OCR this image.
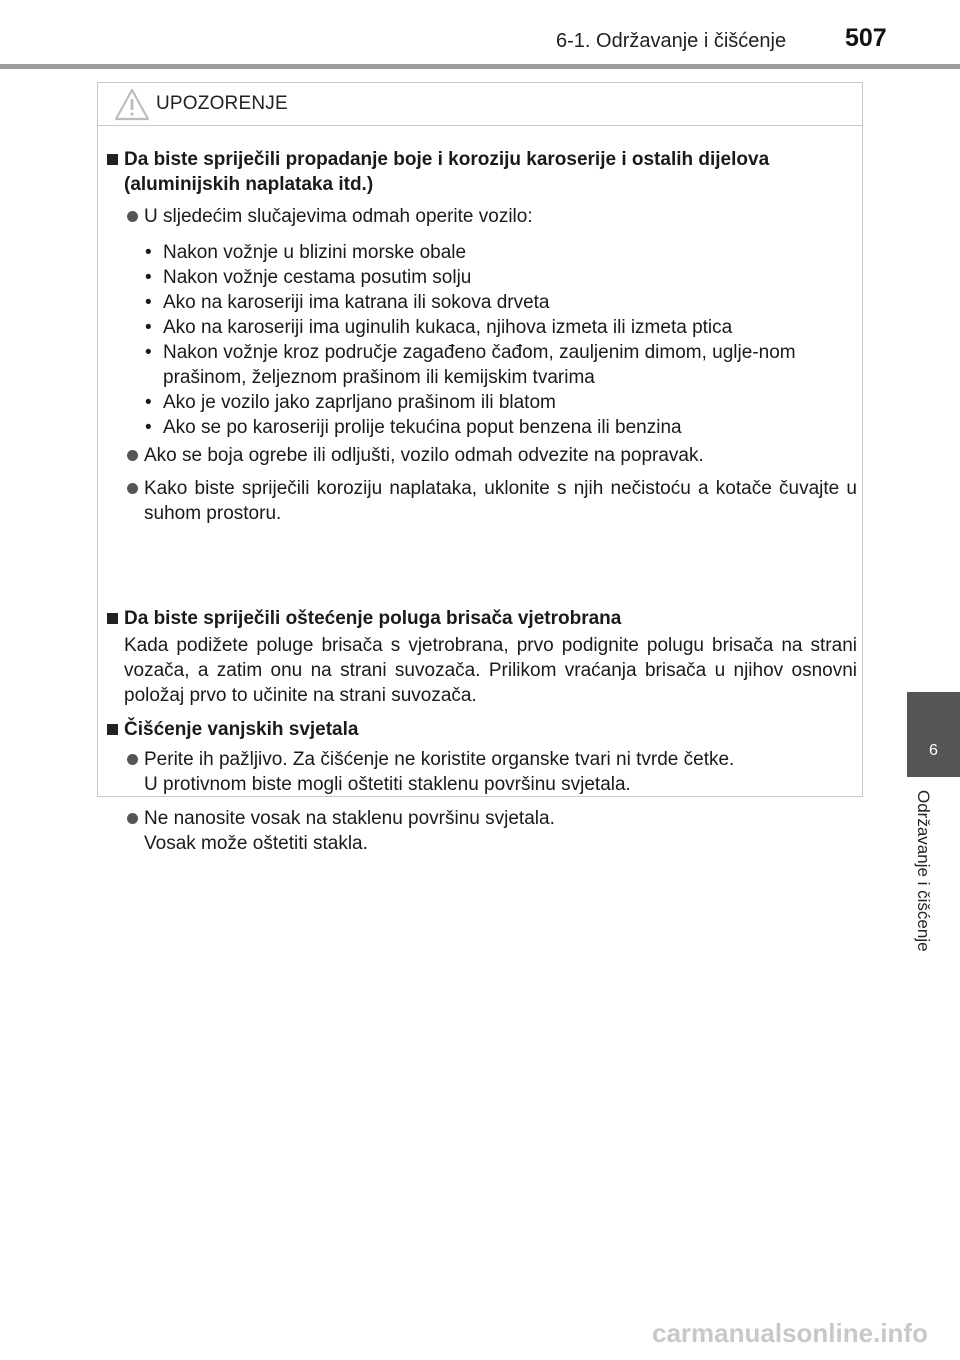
6-1. Održavanje i čišćenje 507
6
Održavanje i čišćenje
UPOZORENJE
Da biste spriječili propadanje boje i koroziju karoserije i ostalih dijelova (aluminijskih naplataka itd.)
U sljedećim slučajevima odmah operite vozilo:
• Nakon vožnje u blizini morske obale
• Nakon vožnje cestama posutim solju
• Ako na karoseriji ima katrana ili sokova drveta
• Ako na karoseriji ima uginulih kukaca, njihova izmeta ili izmeta ptica
• Nakon vožnje kroz područje zagađeno čađom, zauljenim dimom, uglje-nom prašinom, željeznom prašinom ili kemijskim tvarima
• Ako je vozilo jako zaprljano prašinom ili blatom
• Ako se po karoseriji prolije tekućina poput benzena ili benzina
Ako se boja ogrebe ili odljušti, vozilo odmah odvezite na popravak.
Kako biste spriječili koroziju naplataka, uklonite s njih nečistoću a kotače čuvajte u suhom prostoru.
Da biste spriječili oštećenje poluga brisača vjetrobrana
Kada podižete poluge brisača s vjetrobrana, prvo podignite polugu brisača na strani vozača, a zatim onu na strani suvozača. Prilikom vraćanja brisača u njihov osnovni položaj prvo to učinite na strani suvozača.
Čišćenje vanjskih svjetala
Perite ih pažljivo. Za čišćenje ne koristite organske tvari ni tvrde četke.
U protivnom biste mogli oštetiti staklenu površinu svjetala.
Ne nanosite vosak na staklenu površinu svjetala.
Vosak može oštetiti stakla.
carmanualsonline.info
